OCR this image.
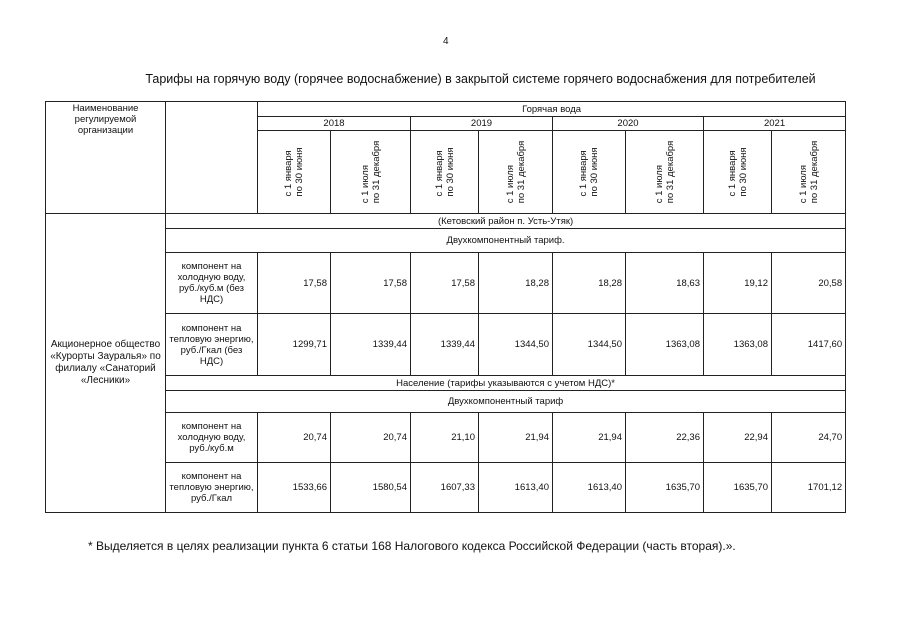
4
Тарифы на горячую воду (горячее водоснабжение) в закрытой системе горячего водоснабжения для потребителей
Наименование регулируемой организации		Горячая вода							
		2018		2019		2020		2021	

		с 1 января по 30 июня	с 1 июля по 31 декабря	с 1 января по 30 июня	с 1 июля по 31 декабря	с 1 января по 30 июня	с 1 июля по 31 декабря	с 1 января по 30 июня	с 1 июля по 31 декабря

Акционерное общество «Курорты Зауралья» по филиалу «Санаторий «Лесники»	(Кетовский район п. Усть-Утяк)								
	Двухкомпонентный тариф.								
	компонент на холодную воду, руб./куб.м (без НДС)	17,58	17,58	17,58	18,28	18,28	18,63	19,12	20,58
	компонент на тепловую энергию, руб./Гкал (без НДС)	1299,71	1339,44	1339,44	1344,50	1344,50	1363,08	1363,08	1417,60
	Население (тарифы указываются с учетом НДС)*								
	Двухкомпонентный тариф								
	компонент на холодную воду, руб./куб.м	20,74	20,74	21,10	21,94	21,94	22,36	22,94	24,70
	компонент на тепловую энергию, руб./Гкал	1533,66	1580,54	1607,33	1613,40	1613,40	1635,70	1635,70	1701,12
* Выделяется в целях реализации пункта 6 статьи 168 Налогового кодекса Российской Федерации (часть вторая).».
